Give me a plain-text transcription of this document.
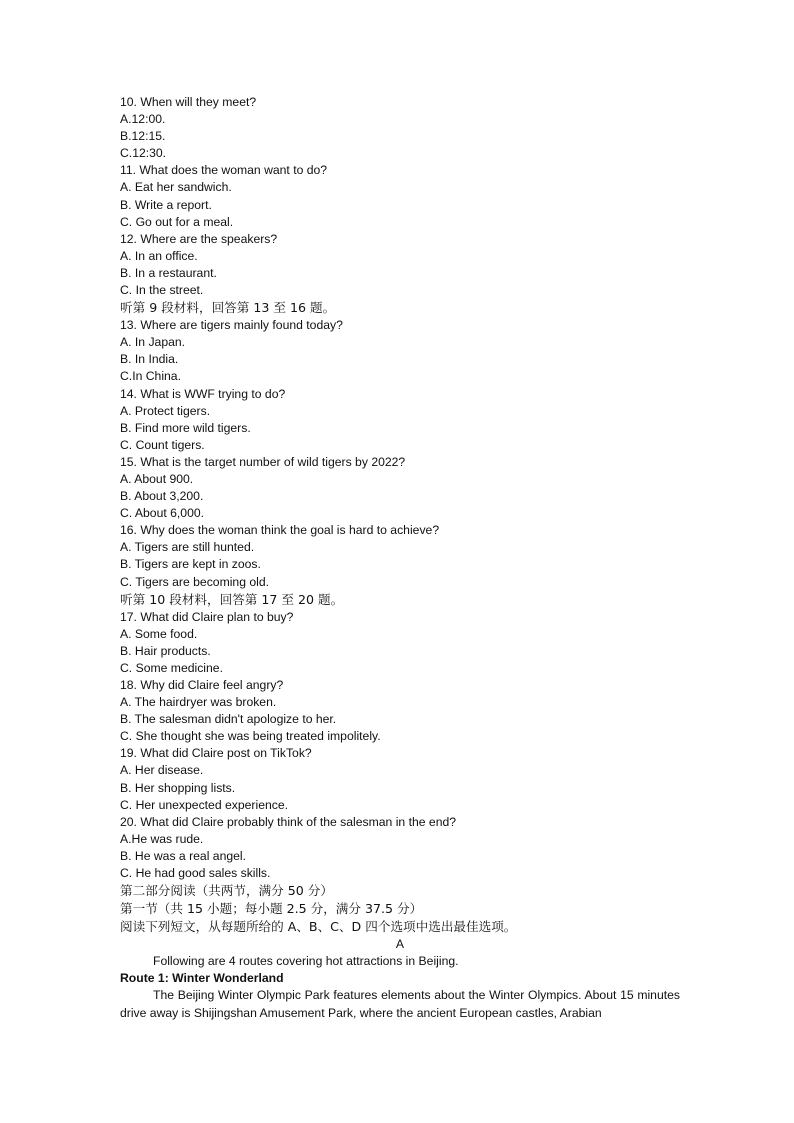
10. When will they meet?
A.12:00.
B.12:15.
C.12:30.
11. What does the woman want to do?
A. Eat her sandwich.
B. Write a report.
C. Go out for a meal.
12. Where are the speakers?
A. In an office.
B. In a restaurant.
C. In the street.
听第 9 段材料，回答第 13 至 16 题。
13. Where are tigers mainly found today?
A. In Japan.
B. In India.
C.In China.
14. What is WWF trying to do?
A. Protect tigers.
B. Find more wild tigers.
C. Count tigers.
15. What is the target number of wild tigers by 2022?
A. About 900.
B. About 3,200.
C. About 6,000.
16. Why does the woman think the goal is hard to achieve?
A. Tigers are still hunted.
B. Tigers are kept in zoos.
C. Tigers are becoming old.
听第 10 段材料，回答第 17 至 20 题。
17. What did Claire plan to buy?
A. Some food.
B. Hair products.
C. Some medicine.
18. Why did Claire feel angry?
A. The hairdryer was broken.
B. The salesman didn't apologize to her.
C. She thought she was being treated impolitely.
19. What did Claire post on TikTok?
A. Her disease.
B. Her shopping lists.
C. Her unexpected experience.
20. What did Claire probably think of the salesman in the end?
A.He was rude.
B. He was a real angel.
C. He had good sales skills.
第二部分阅读（共两节，满分 50 分）
第一节（共 15 小题；每小题 2.5 分，满分 37.5 分）
阅读下列短文，从每题所给的 A、B、C、D 四个选项中选出最佳选项。
A
Following are 4 routes covering hot attractions in Beijing.
Route 1: Winter Wonderland
The Beijing Winter Olympic Park features elements about the Winter Olympics. About 15 minutes drive away is Shijingshan Amusement Park, where the ancient European castles, Arabian
